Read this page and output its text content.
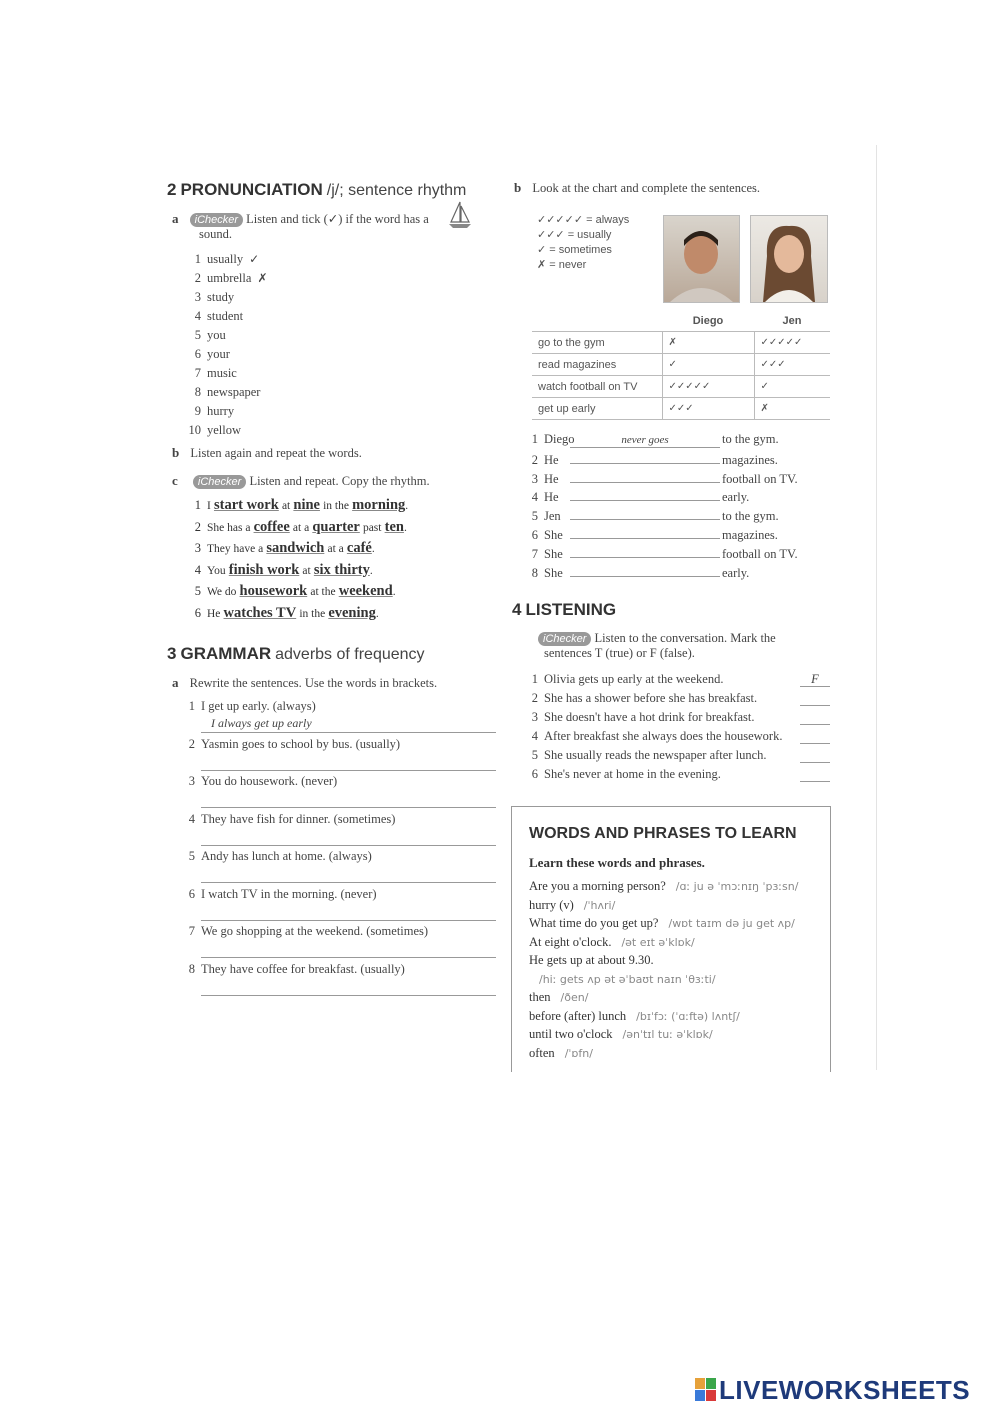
2 PRONUNCIATION /j/; sentence rhythm
a iChecker Listen and tick (✓) if the word has a
sound.
1 usually ✓
2 umbrella ✗
3 study
4 student
5 you
6 your
7 music
8 newspaper
9 hurry
10 yellow
b Listen again and repeat the words.
c iChecker Listen and repeat. Copy the rhythm.
1 I start work at nine in the morning.
2 She has a coffee at a quarter past ten.
3 They have a sandwich at a café.
4 You finish work at six thirty.
5 We do housework at the weekend.
6 He watches TV in the evening.
3 GRAMMAR adverbs of frequency
a Rewrite the sentences. Use the words in brackets.
1 I get up early. (always)
I always get up early
2 Yasmin goes to school by bus. (usually)
3 You do housework. (never)
4 They have fish for dinner. (sometimes)
5 Andy has lunch at home. (always)
6 I watch TV in the morning. (never)
7 We go shopping at the weekend. (sometimes)
8 They have coffee for breakfast. (usually)
b Look at the chart and complete the sentences.
✓✓✓✓✓ = always
✓✓✓ = usually
✓ = sometimes
✗ = never
	Diego	Jen
go to the gym	✗	✓✓✓✓✓
read magazines	✓	✓✓✓
watch football on TV	✓✓✓✓✓	✓
get up early	✓✓✓	✗

1 Diego	never goes	to the gym.
2 He	magazines.
3 He	football on TV.
4 He	early.
5 Jen	to the gym.
6 She	magazines.
7 She	football on TV.
8 She	early.
4 LISTENING
iChecker Listen to the conversation. Mark the
sentences T (true) or F (false).
1 Olivia gets up early at the weekend.	F
2 She has a shower before she has breakfast.
3 She doesn't have a hot drink for breakfast.
4 After breakfast she always does the housework.
5 She usually reads the newspaper after lunch.
6 She's never at home in the evening.
WORDS AND PHRASES TO LEARN
Learn these words and phrases.
Are you a morning person? /ɑː ju ə ˈmɔːnɪŋ ˈpɜːsn/
hurry (v) /ˈhʌri/
What time do you get up? /wɒt taɪm də ju get ʌp/
At eight o'clock. /ət eɪt əˈklɒk/
He gets up at about 9.30.
/hiː gets ʌp ət əˈbaʊt naɪn ˈθɜːti/
then /ðen/
before (after) lunch /bɪˈfɔː (ˈɑːftə) lʌntʃ/
until two o'clock /ənˈtɪl tuː əˈklɒk/
often /ˈɒfn/
LIVEWORKSHEETS
